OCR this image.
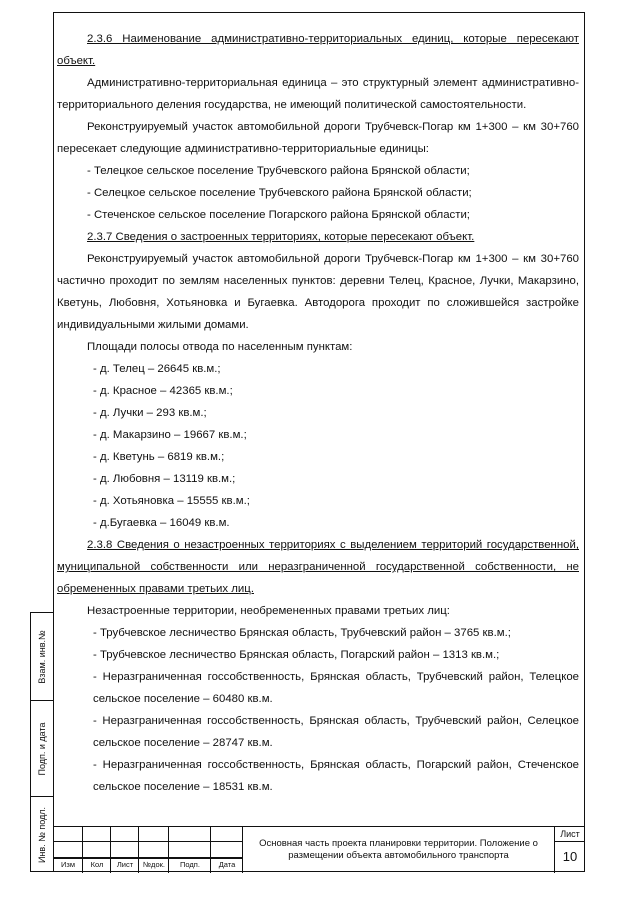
Взам. инв.№
Подп. и дата
Инв. № подл.

2.3.6 Наименование административно-территориальных единиц, которые пересекают

объект.

Административно-территориальная единица – это структурный элемент административно-территориального деления государства, не имеющий политической самостоятельности.

Реконструируемый участок автомобильной дороги Трубчевск-Погар км 1+300 – км 30+760 пересекает следующие административно-территориальные единицы:

- Телецкое сельское поселение Трубчевского района Брянской области;

- Селецкое сельское поселение Трубчевского района Брянской области;

- Стеченское сельское поселение Погарского района Брянской области;

2.3.7 Сведения о застроенных территориях, которые пересекают объект.

Реконструируемый участок автомобильной дороги Трубчевск-Погар км 1+300 – км 30+760 частично проходит по землям населенных пунктов: деревни Телец, Красное, Лучки, Макарзино, Кветунь, Любовня, Хотьяновка и Бугаевка. Автодорога проходит по сложившейся застройке индивидуальными жилыми домами.

Площади полосы отвода по населенным пунктам:

- д. Телец – 26645 кв.м.;

- д. Красное – 42365 кв.м.;

- д. Лучки – 293 кв.м.;

- д. Макарзино – 19667 кв.м.;

- д. Кветунь – 6819 кв.м.;

- д. Любовня – 13119 кв.м.;

- д. Хотьяновка – 15555 кв.м.;

- д.Бугаевка – 16049 кв.м.

2.3.8 Сведения о незастроенных территориях с выделением территорий государственной, муниципальной собственности или неразграниченной государственной собственности, не обремененных правами третьих лиц.

Незастроенные территории, необремененных правами третьих лиц:

- Трубчевское лесничество Брянская область, Трубчевский район – 3765 кв.м.;

- Трубчевское лесничество Брянская область, Погарский район – 1313 кв.м.;

- Неразграниченная госсобственность, Брянская область, Трубчевский район, Телецкое сельское поселение – 60480 кв.м.

- Неразграниченная госсобственность, Брянская область, Трубчевский район, Селецкое сельское поселение – 28747 кв.м.

- Неразграниченная госсобственность, Брянская область, Погарский район, Стеченское сельское поселение – 18531 кв.м.

Изм	Кол	Лист	№док.	Подп.	Дата
Основная часть проекта планировки территории. Положение о размещении объекта автомобильного транспорта
Лист
10
